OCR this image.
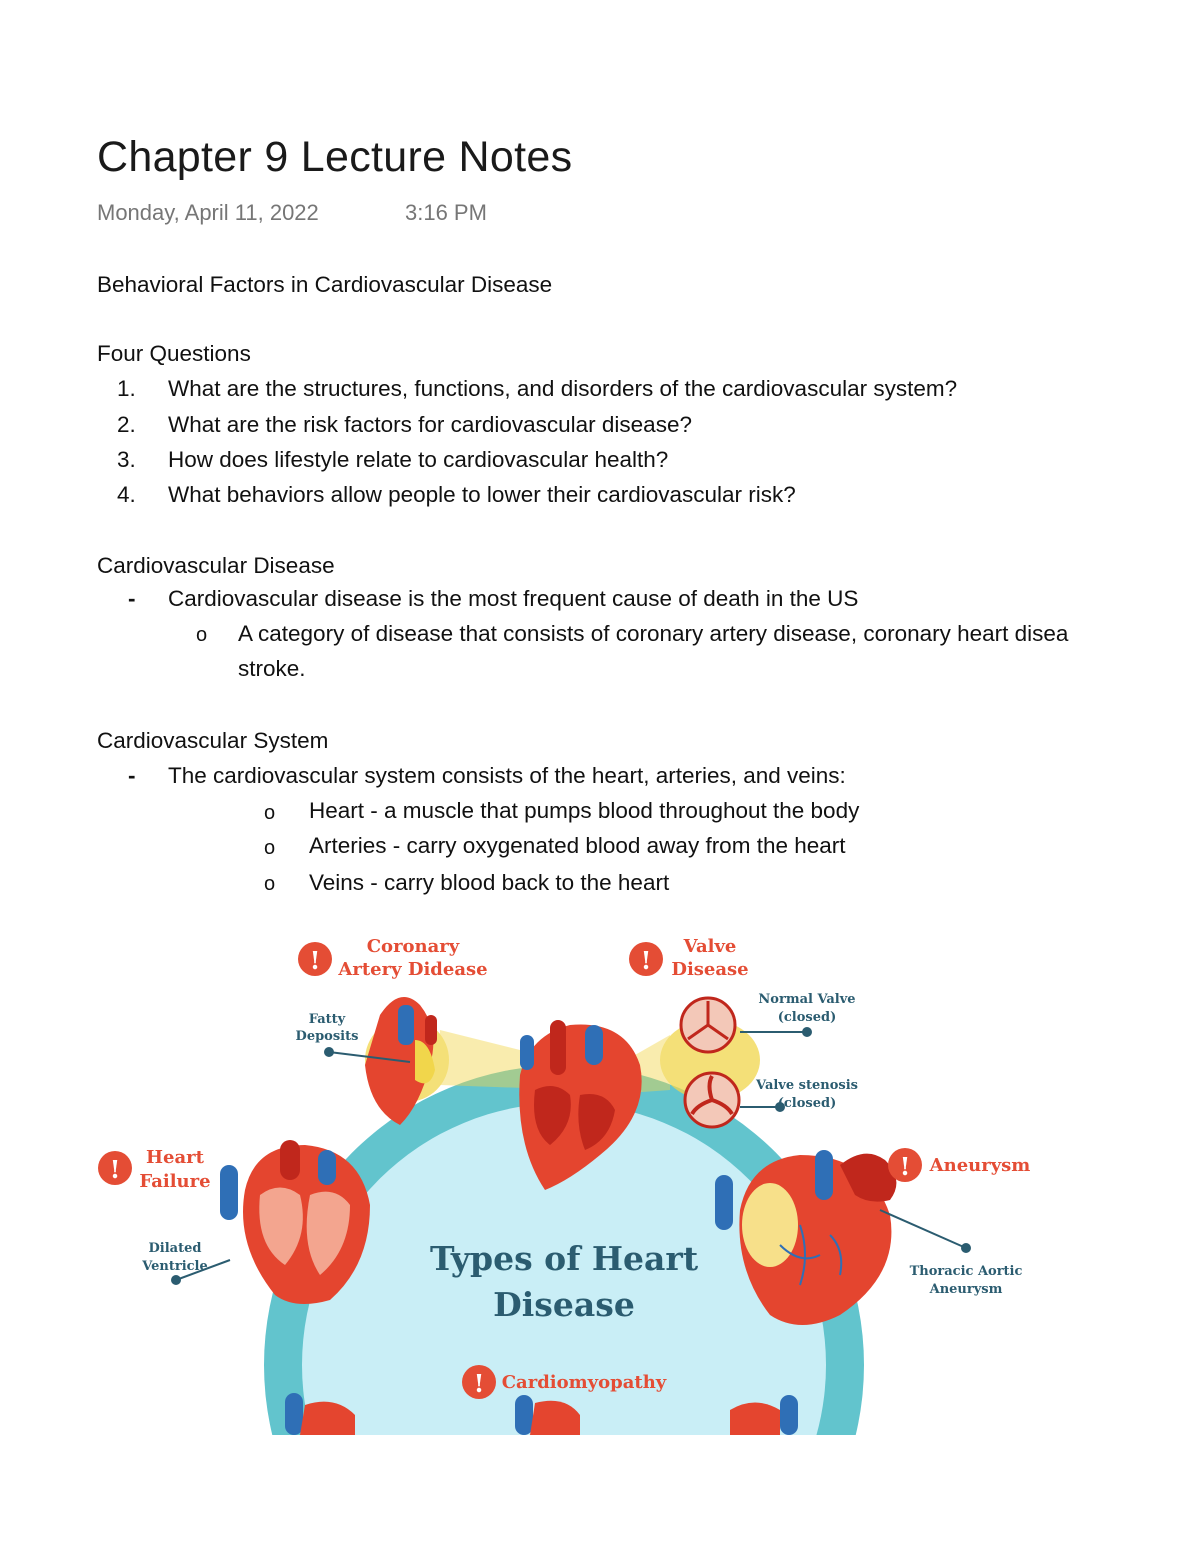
Chapter 9 Lecture Notes
Monday, April 11, 2022	3:16 PM
Behavioral Factors in Cardiovascular Disease
Four Questions
1. What are the structures, functions, and disorders of the cardiovascular system?
2. What are the risk factors for cardiovascular disease?
3. How does lifestyle relate to cardiovascular health?
4. What behaviors allow people to lower their cardiovascular risk?
Cardiovascular Disease
- Cardiovascular disease is the most frequent cause of death in the US
o A category of disease that consists of coronary artery disease, coronary heart disea
stroke.
Cardiovascular System
- The cardiovascular system consists of the heart, arteries, and veins:
o Heart - a muscle that pumps blood throughout the body
o Arteries - carry oxygenated blood away from the heart
o Veins - carry blood back to the heart
!	!
!	!
!
Coronary
Artery Didease
Valve
Disease
Fatty
Deposits
Normal Valve
(closed)
Valve stenosis
(closed)
Heart
Failure
Dilated
Ventricle
Aneurysm
Thoracic Aortic
Aneurysm
Types of Heart
Disease
Cardiomyopathy
